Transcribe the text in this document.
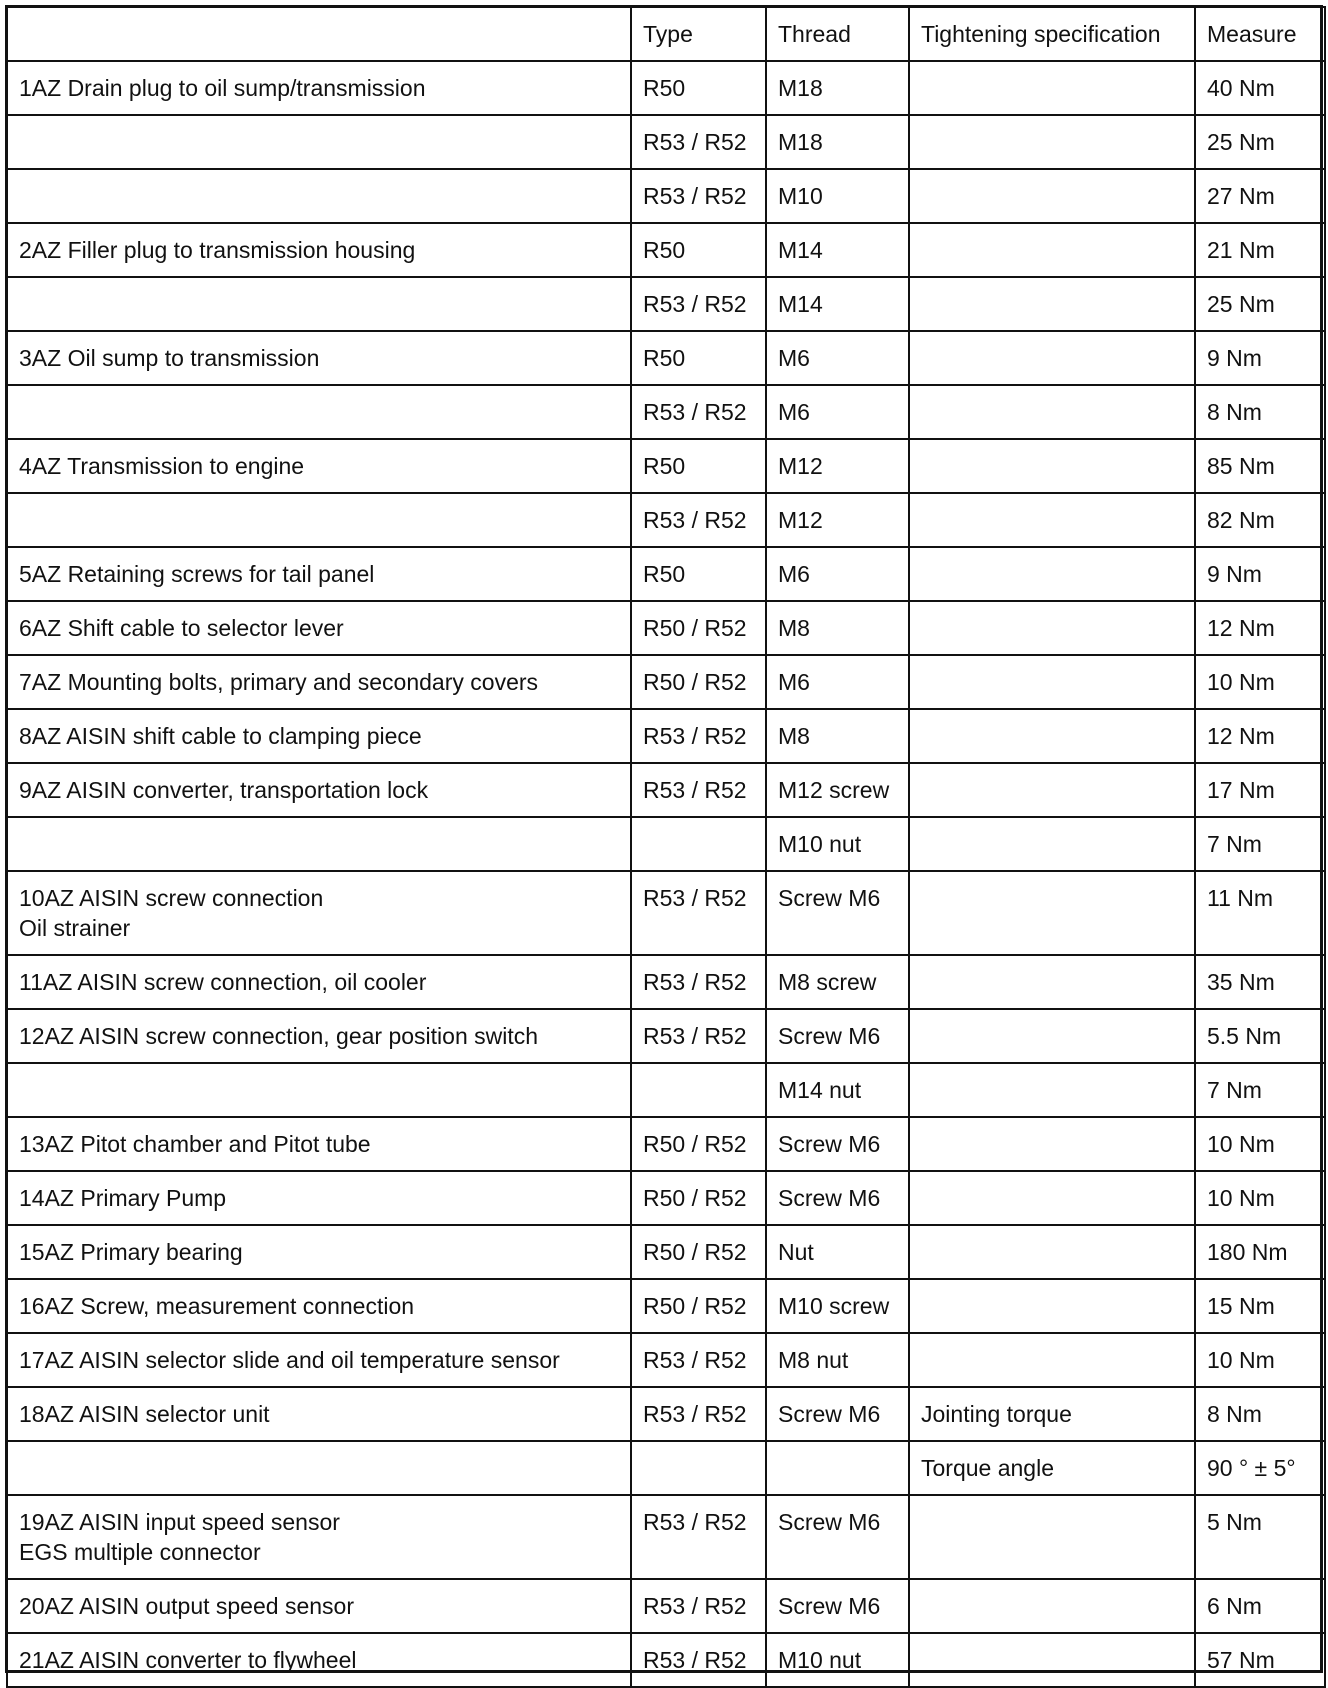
	Type	Thread	Tightening specification	Measure

1AZ Drain plug to oil sump/transmission	R50	M18		40 Nm

	R53 / R52	M18		25 Nm

	R53 / R52	M10		27 Nm

2AZ Filler plug to transmission housing	R50	M14		21 Nm

	R53 / R52	M14		25 Nm

3AZ Oil sump to transmission	R50	M6		9 Nm

	R53 / R52	M6		8 Nm

4AZ Transmission to engine	R50	M12		85 Nm

	R53 / R52	M12		82 Nm

5AZ Retaining screws for tail panel	R50	M6		9 Nm

6AZ Shift cable to selector lever	R50 / R52	M8		12 Nm

7AZ Mounting bolts, primary and secondary covers	R50 / R52	M6		10 Nm

8AZ AISIN shift cable to clamping piece	R53 / R52	M8		12 Nm

9AZ AISIN converter, transportation lock	R53 / R52	M12 screw		17 Nm

		M10 nut		7 Nm

10AZ AISIN screw connection
Oil strainer	R53 / R52	Screw M6		11 Nm

11AZ AISIN screw connection, oil cooler	R53 / R52	M8 screw		35 Nm

12AZ AISIN screw connection, gear position switch	R53 / R52	Screw M6		5.5 Nm

		M14 nut		7 Nm

13AZ Pitot chamber and Pitot tube	R50 / R52	Screw M6		10 Nm

14AZ Primary Pump	R50 / R52	Screw M6		10 Nm

15AZ Primary bearing	R50 / R52	Nut		180 Nm

16AZ Screw, measurement connection	R50 / R52	M10 screw		15 Nm

17AZ AISIN selector slide and oil temperature sensor	R53 / R52	M8 nut		10 Nm

18AZ AISIN selector unit	R53 / R52	Screw M6	Jointing torque	8 Nm

			Torque angle	90 ° ± 5°

19AZ AISIN input speed sensor
EGS multiple connector	R53 / R52	Screw M6		5 Nm

20AZ AISIN output speed sensor	R53 / R52	Screw M6		6 Nm

21AZ AISIN converter to flywheel	R53 / R52	M10 nut		57 Nm
